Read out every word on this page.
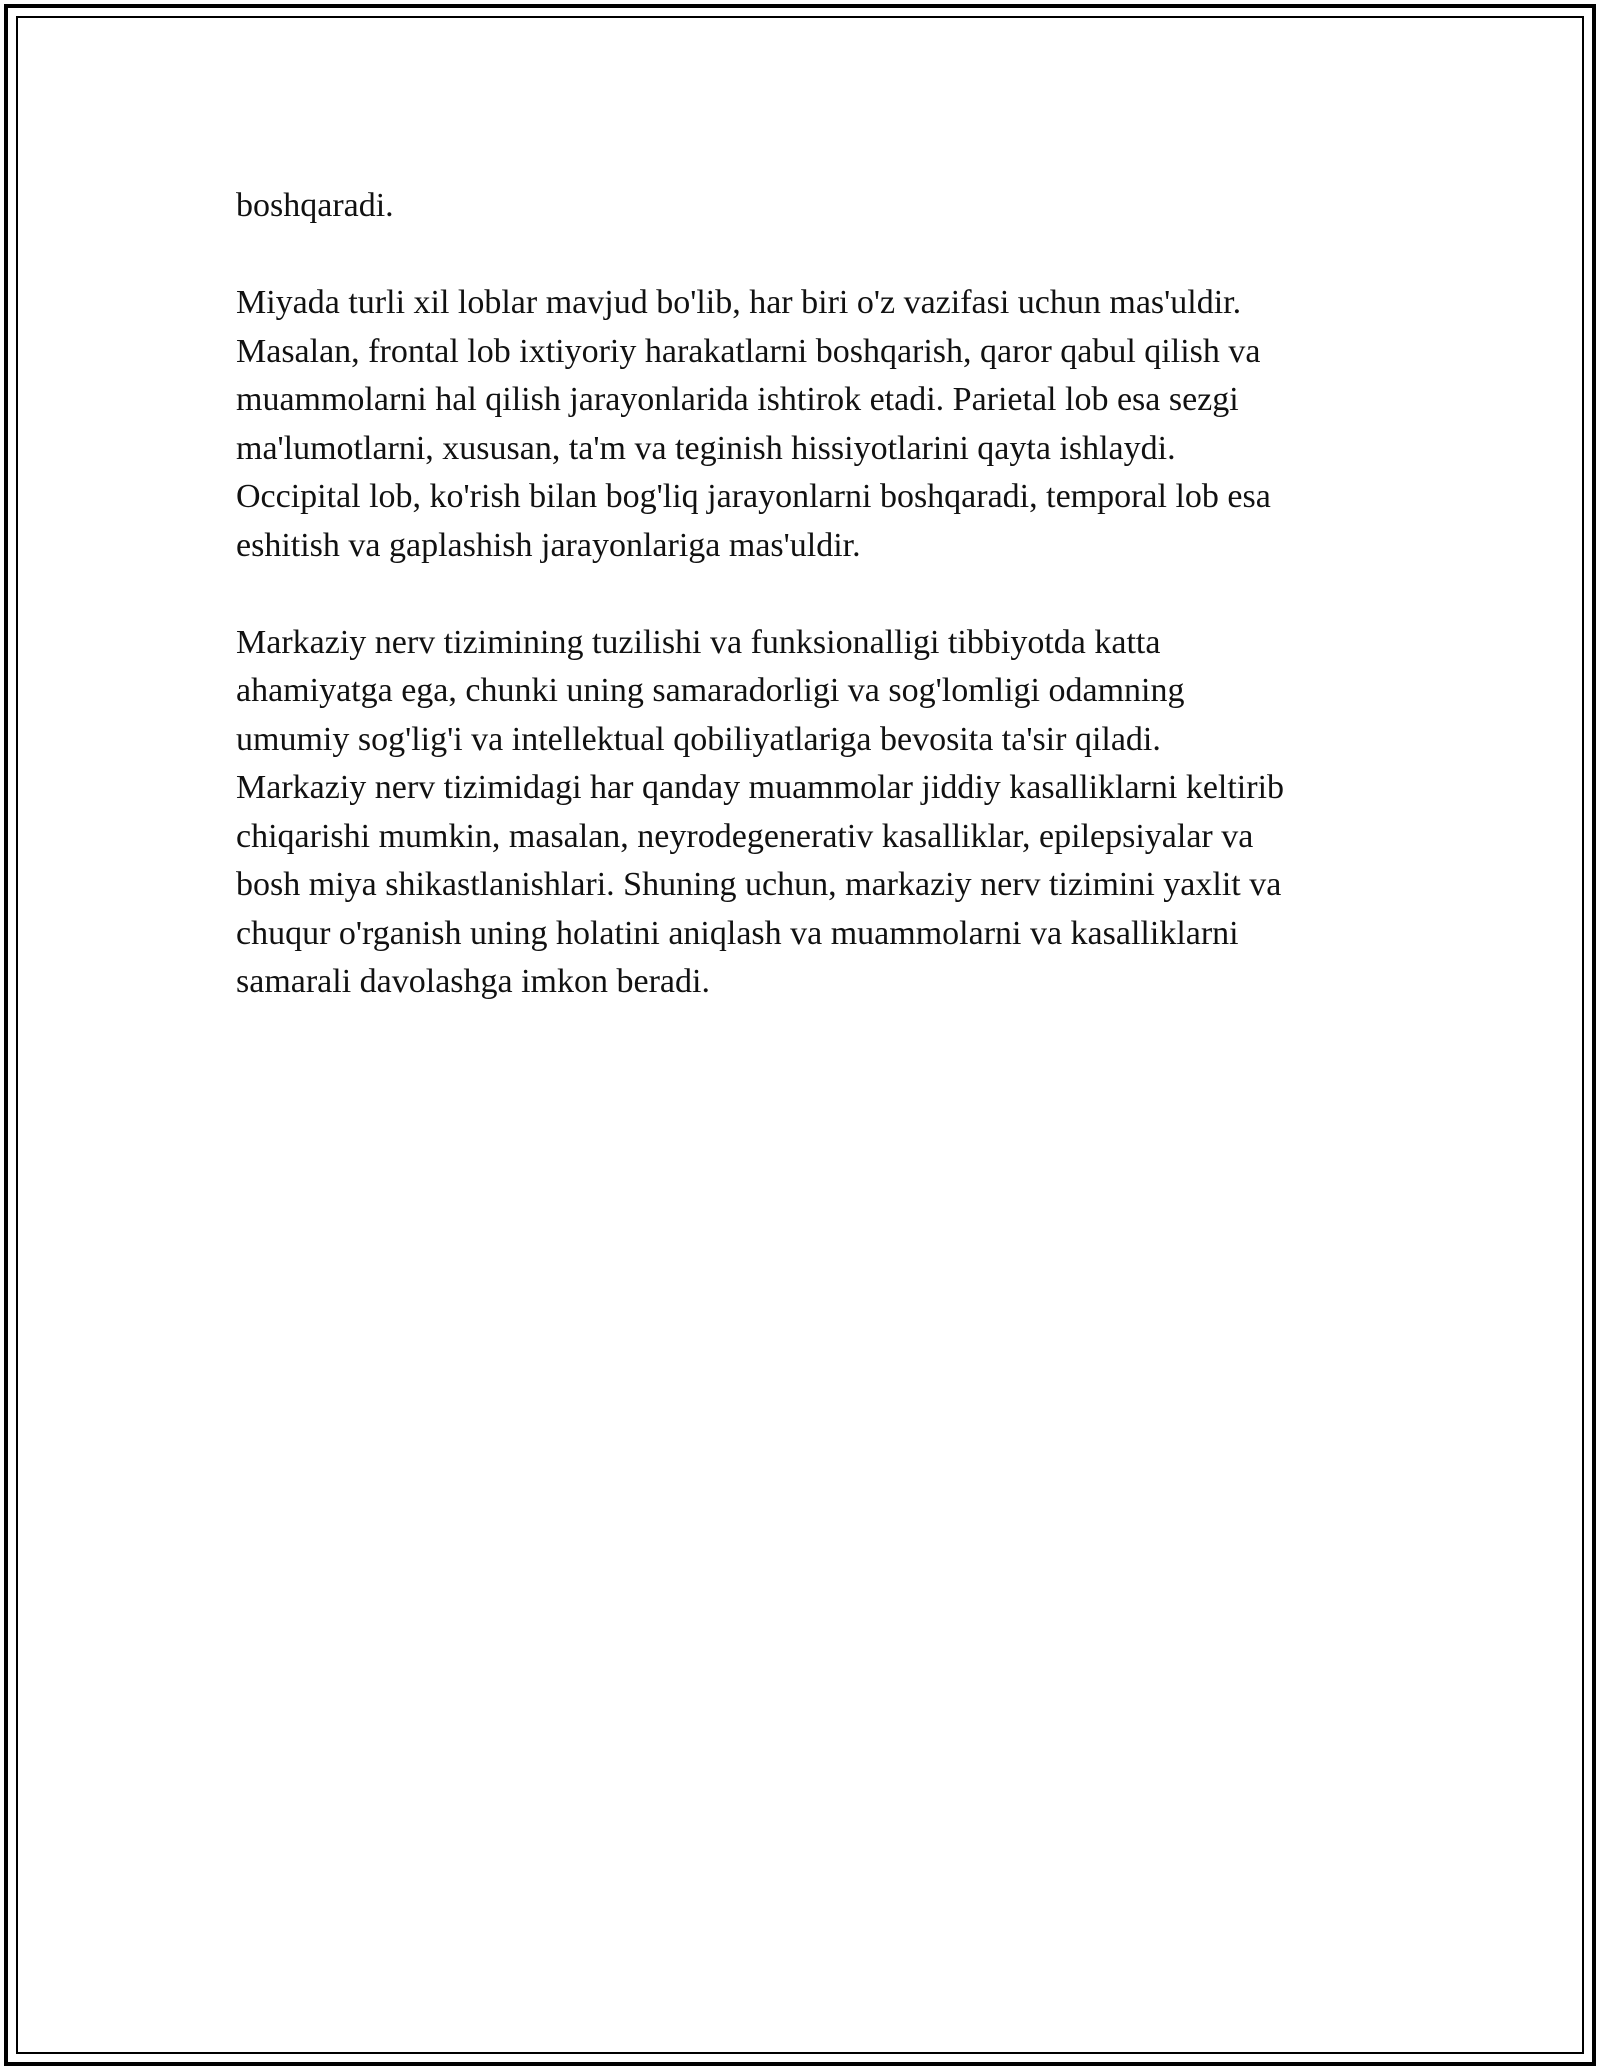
boshqaradi.
Miyada turli xil loblar mavjud bo'lib, har biri o'z vazifasi uchun mas'uldir.
Masalan, frontal lob ixtiyoriy harakatlarni boshqarish, qaror qabul qilish va
muammolarni hal qilish jarayonlarida ishtirok etadi. Parietal lob esa sezgi
ma'lumotlarni, xususan, ta'm va teginish hissiyotlarini qayta ishlaydi.
Occipital lob, ko'rish bilan bog'liq jarayonlarni boshqaradi, temporal lob esa
eshitish va gaplashish jarayonlariga mas'uldir.
Markaziy nerv tizimining tuzilishi va funksionalligi tibbiyotda katta
ahamiyatga ega, chunki uning samaradorligi va sog'lomligi odamning
umumiy sog'lig'i va intellektual qobiliyatlariga bevosita ta'sir qiladi.
Markaziy nerv tizimidagi har qanday muammolar jiddiy kasalliklarni keltirib
chiqarishi mumkin, masalan, neyrodegenerativ kasalliklar, epilepsiyalar va
bosh miya shikastlanishlari. Shuning uchun, markaziy nerv tizimini yaxlit va
chuqur o'rganish uning holatini aniqlash va muammolarni va kasalliklarni
samarali davolashga imkon beradi.
